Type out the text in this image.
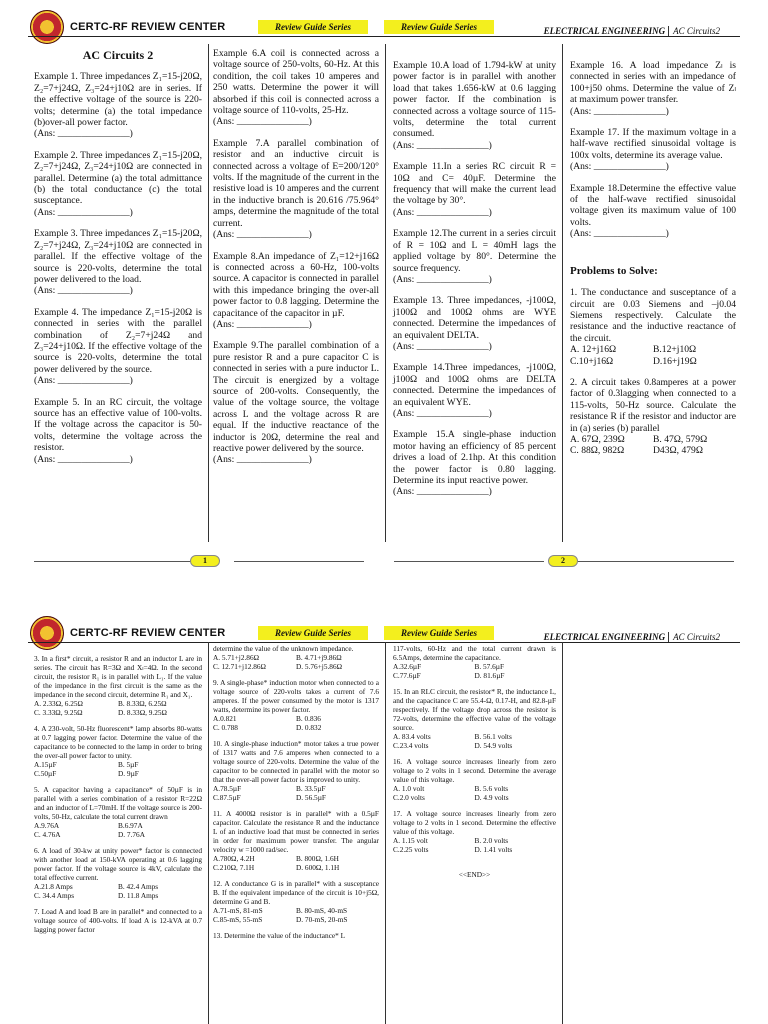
CERTC-RF REVIEW CENTER	Review Guide Series	Review Guide Series	ELECTRICAL ENGINEERING AC Circuits2
AC Circuits 2

Example 1. Three impedances Z₁=15-j20Ω, Z₂=7+j24Ω, Z₃=24+j10Ω are in series. If the effective voltage of the source is 220-volts; determine (a) the total impedance (b)over-all power factor.
(Ans: _______________)

Example 2. Three impedances Z₁=15-j20Ω, Z₂=7+j24Ω, Z₃=24+j10Ω are connected in parallel. Determine (a) the total admittance (b) the total conductance (c) the total susceptance.
(Ans: _______________)

Example 3. Three impedances Z₁=15-j20Ω, Z₂=7+j24Ω, Z₃=24+j10Ω are connected in parallel. If the effective voltage of the source is 220-volts, determine the total power delivered to the load.
(Ans: _______________)

Example 4. The impedance Z₁=15-j20Ω is connected in series with the parallel combination of Z₂=7+j24Ω and Z₃=24+j10Ω. If the effective voltage of the source is 220-volts, determine the total power delivered by the source.
(Ans: _______________)

Example 5. In an RC circuit, the voltage source has an effective value of 100-volts. If the voltage across the capacitor is 50-volts, determine the voltage across the resistor.
(Ans: _______________)

Example 6.A coil is connected across a voltage source of 250-volts, 60-Hz. At this condition, the coil takes 10 amperes and 250 watts. Determine the power it will absorbed if this coil is connected across a voltage source of 110-volts, 25-Hz.
(Ans: _______________)

Example 7.A parallel combination of resistor and an inductive circuit is connected across a voltage of E=200/120° volts. If the magnitude of the current in the resistive load is 10 amperes and the current in the inductive branch is 20.616 /75.964° amps, determine the magnitude of the total current.
(Ans: _______________)

Example 8.An impedance of Z₁=12+j16Ω is connected across a 60-Hz, 100-volts source. A capacitor is connected in parallel with this impedance bringing the over-all power factor to 0.8 lagging. Determine the capacitance of the capacitor in µF.
(Ans: _______________)

Example 9.The parallel combination of a pure resistor R and a pure capacitor C is connected in series with a pure inductor L. The circuit is energized by a voltage source of 200-volts. Consequently, the value of the voltage source, the voltage across L and the voltage across R are equal. If the inductive reactance of the inductor is 20Ω, determine the real and reactive power delivered by the source.
(Ans: _______________)

Example 10.A load of 1.794-kW at unity power factor is in parallel with another load that takes 1.656-kW at 0.6 lagging power factor. If the combination is connected across a voltage source of 115-volts, determine the total current consumed.
(Ans: _______________)

Example 11.In a series RC circuit R = 10Ω and C= 40µF. Determine the frequency that will make the current lead the voltage by 30°.
(Ans: _______________)

Example 12.The current in a series circuit of R = 10Ω and L = 40mH lags the applied voltage by 80°. Determine the source frequency.
(Ans: _______________)

Example 13. Three impedances, -j100Ω, j100Ω and 100Ω ohms are WYE connected. Determine the impedances of an equivalent DELTA.
(Ans: _______________)

Example 14.Three impedances, -j100Ω, j100Ω and 100Ω ohms are DELTA connected. Determine the impedances of an equivalent WYE.
(Ans: _______________)

Example 15.A single-phase induction motor having an efficiency of 85 percent drives a load of 2.1hp. At this condition the power factor is 0.80 lagging. Determine its input reactive power.
(Ans: _______________)

Example 16. A load impedance Zₗ is connected in series with an impedance of 100+j50 ohms. Determine the value of Zₗ at maximum power transfer.
(Ans: _______________)

Example 17. If the maximum voltage in a half-wave rectified sinusoidal voltage is 100x volts, determine its average value.
(Ans: _______________)

Example 18.Determine the effective value of the half-wave rectified sinusoidal voltage given its maximum value of 100 volts.
(Ans: _______________)

Problems to Solve:

1. The conductance and susceptance of a circuit are 0.03 Siemens and –j0.04 Siemens respectively. Calculate the resistance and the inductive reactance of the circuit.
A. 12+j16Ω	B.12+j10Ω
C.10+j16Ω	D.16+j19Ω

2. A circuit takes 0.8amperes at a power factor of 0.3lagging when connected to a 115-volts, 50-Hz source. Calculate the resistance R if the resistor and inductor are in (a) series (b) parallel
A. 67Ω, 239Ω	B. 47Ω, 579Ω
C. 88Ω, 982Ω	D43Ω, 479Ω

1	2
CERTC-RF REVIEW CENTER	Review Guide Series	Review Guide Series	ELECTRICAL ENGINEERING AC Circuits2

3. In a first* circuit, a resistor R and an inductor L are in series. The circuit has R=3Ω and Xₗ=4Ω. In the second circuit, the resistor R₁ is in parallel with L₁. If the value of the impedance in the first circuit is the same as the impedance in the second circuit, determine R₁ and X₁.
A. 2.33Ω, 6.25Ω	B. 8.33Ω, 6.25Ω
C. 3.33Ω, 9.25Ω	D. 8.33Ω, 9.25Ω

4. A 230-volt, 50-Hz fluorescent* lamp absorbs 80-watts at 0.7 lagging power factor. Determine the value of the capacitance to be connected to the lamp in order to bring the over-all power factor to unity.
A.15µF	B. 5µF
C.50µF	D. 9µF

5. A capacitor having a capacitance* of 50µF is in parallel with a series combination of a resistor R=22Ω and an inductor of L=70mH. If the voltage source is 200-volts, 50-Hz, calculate the total current drawn
A.9.76A	B.6.97A
C. 4.76A	D. 7.76A

6. A load of 30-kw at unity power* factor is connected with another load at 150-kVA operating at 0.6 lagging power factor. If the voltage source is 4kV, calculate the total effective current.
A.21.8 Amps	B. 42.4 Amps
C. 34.4 Amps	D. 11.8 Amps

7. Load A and load B are in parallel* and connected to a voltage source of 400-volts. If load A is 12-kVA at 0.7 lagging power factor

determine the value of the unknown impedance.
A. 5.71+j2.86Ω	B. 4.71+j9.86Ω
C. 12.71+j12.86Ω	D. 5.76+j5.86Ω

9. A single-phase* induction motor when connected to a voltage source of 220-volts takes a current of 7.6 amperes. If the power consumed by the motor is 1317 watts, determine its power factor.
A.0.821	B. 0.836
C. 0.788	D. 0.832

10. A single-phase induction* motor takes a true power of 1317 watts and 7.6 amperes when connected to a voltage source of 220-volts. Determine the value of the capacitor to be connected in parallel with the motor so that the over-all power factor is improved to unity.
A.78.5µF	B. 33.5µF
C.87.5µF	D. 56.5µF

11. A 4000Ω resistor is in parallel* with a 0.5µF capacitor. Calculate the resistance R and the inductance L of an inductive load that must be connected in series in order for maximum power transfer. The angular velocity w =1000 rad/sec.
A.780Ω, 4.2H	B. 800Ω, 1.6H
C.210Ω, 7.1H	D. 600Ω, 1.1H

12. A conductance G is in parallel* with a susceptance B. If the equivalent impedance of the circuit is 10+j5Ω, determine G and B.
A.71-mS, 81-mS	B. 80-mS, 40-mS
C.85-mS, 55-mS	D. 70-mS, 20-mS

13. Determine the value of the inductance* L

117-volts, 60-Hz and the total current drawn is 6.5Amps, determine the capacitance.
A.32.6µF	B. 57.6µF
C.77.6µF	D. 81.6µF

15. In an RLC circuit, the resistor* R, the inductance L, and the capacitance C are 55.4-Ω, 0.17-H, and 82.8-µF respectively. If the voltage drop across the resistor is 72-volts, determine the effective value of the voltage source.
A. 83.4 volts	B. 56.1 volts
C.23.4 volts	D. 54.9 volts

16. A voltage source increases linearly from zero voltage to 2 volts in 1 second. Determine the average value of this voltage.
A. 1.0 volt	B. 5.6 volts
C.2.0 volts	D. 4.9 volts

17. A voltage source increases linearly from zero voltage to 2 volts in 1 second. Determine the effective value of this voltage.
A. 1.15 volt	B. 2.0 volts
C.2.25 volts	D. 1.41 volts

<<END>>
